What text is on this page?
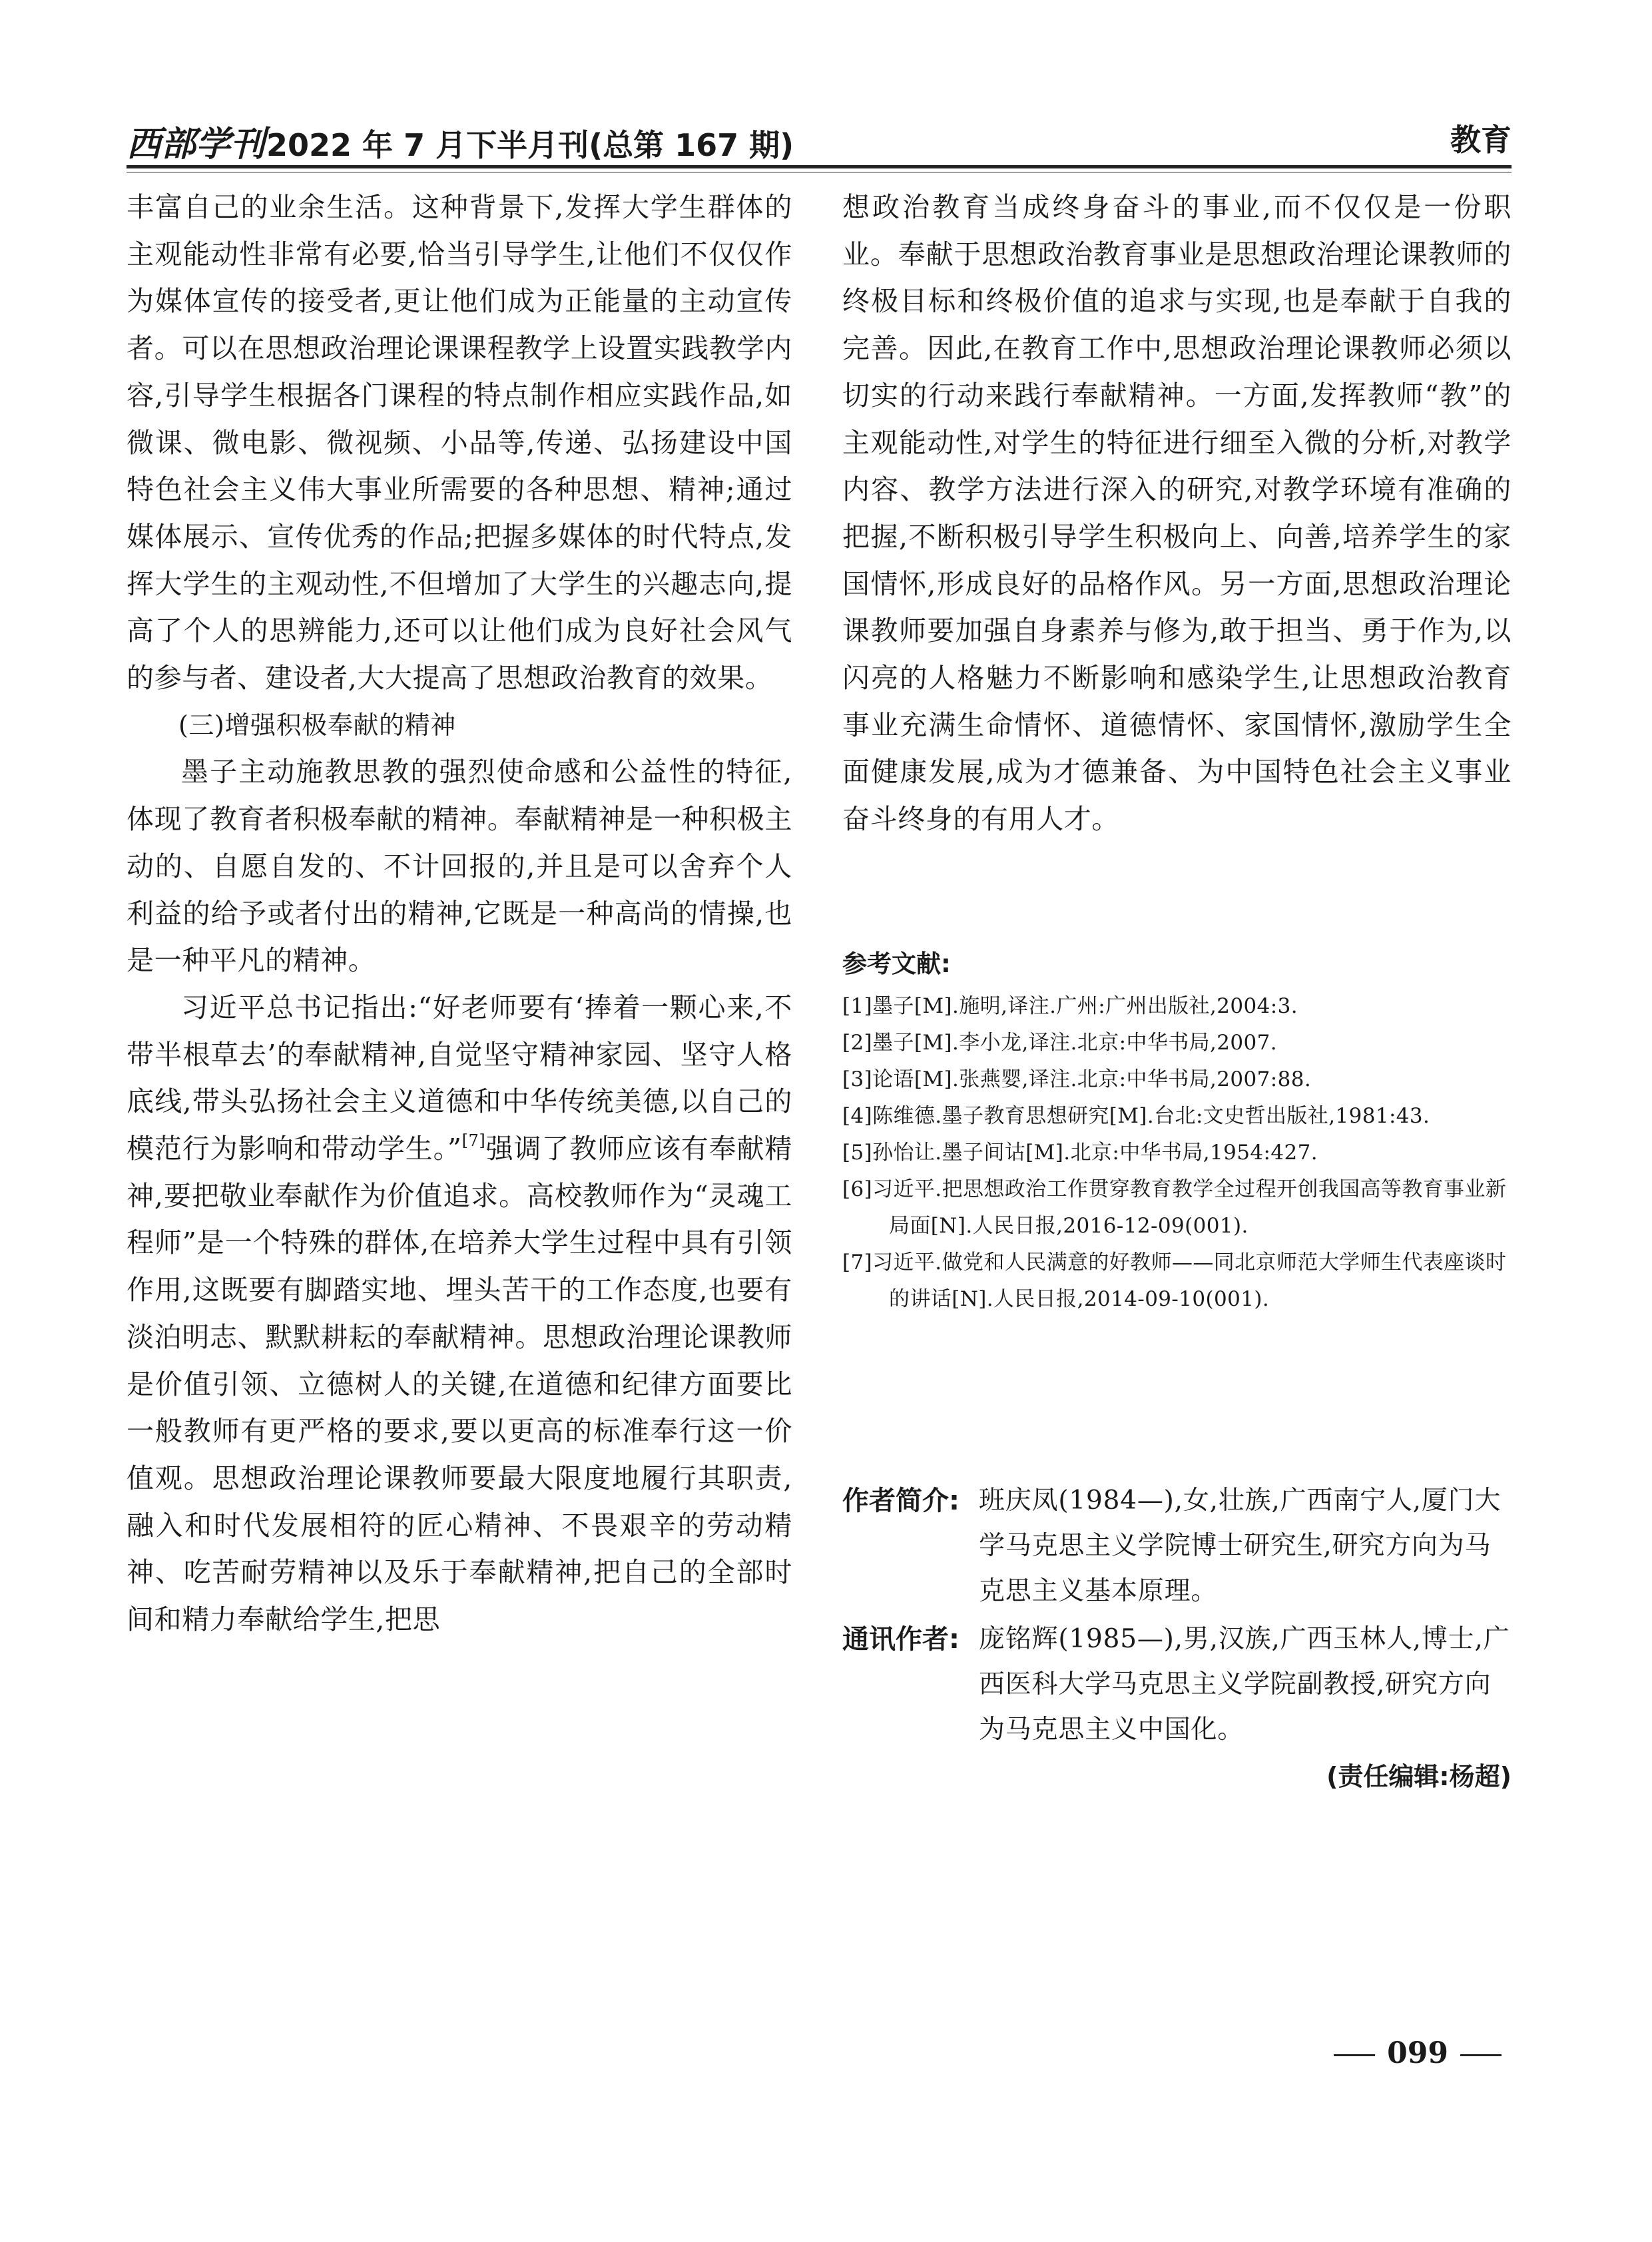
西部学刊2022 年 7 月下半月刊(总第 167 期)	教育

丰富自己的业余生活。这种背景下,发挥大学生群体的主观能动性非常有必要,恰当引导学生,让他们不仅仅作为媒体宣传的接受者,更让他们成为正能量的主动宣传者。可以在思想政治理论课课程教学上设置实践教学内容,引导学生根据各门课程的特点制作相应实践作品,如微课、微电影、微视频、小品等,传递、弘扬建设中国特色社会主义伟大事业所需要的各种思想、精神;通过媒体展示、宣传优秀的作品;把握多媒体的时代特点,发挥大学生的主观动性,不但增加了大学生的兴趣志向,提高了个人的思辨能力,还可以让他们成为良好社会风气的参与者、建设者,大大提高了思想政治教育的效果。

(三)增强积极奉献的精神

墨子主动施教思教的强烈使命感和公益性的特征,体现了教育者积极奉献的精神。奉献精神是一种积极主动的、自愿自发的、不计回报的,并且是可以舍弃个人利益的给予或者付出的精神,它既是一种高尚的情操,也是一种平凡的精神。

习近平总书记指出:“好老师要有‘捧着一颗心来,不带半根草去’的奉献精神,自觉坚守精神家园、坚守人格底线,带头弘扬社会主义道德和中华传统美德,以自己的模范行为影响和带动学生。”[7]强调了教师应该有奉献精神,要把敬业奉献作为价值追求。高校教师作为“灵魂工程师”是一个特殊的群体,在培养大学生过程中具有引领作用,这既要有脚踏实地、埋头苦干的工作态度,也要有淡泊明志、默默耕耘的奉献精神。思想政治理论课教师是价值引领、立德树人的关键,在道德和纪律方面要比一般教师有更严格的要求,要以更高的标准奉行这一价值观。思想政治理论课教师要最大限度地履行其职责,融入和时代发展相符的匠心精神、不畏艰辛的劳动精神、吃苦耐劳精神以及乐于奉献精神,把自己的全部时间和精力奉献给学生,把思

想政治教育当成终身奋斗的事业,而不仅仅是一份职业。奉献于思想政治教育事业是思想政治理论课教师的终极目标和终极价值的追求与实现,也是奉献于自我的完善。因此,在教育工作中,思想政治理论课教师必须以切实的行动来践行奉献精神。一方面,发挥教师“教”的主观能动性,对学生的特征进行细至入微的分析,对教学内容、教学方法进行深入的研究,对教学环境有准确的把握,不断积极引导学生积极向上、向善,培养学生的家国情怀,形成良好的品格作风。另一方面,思想政治理论课教师要加强自身素养与修为,敢于担当、勇于作为,以闪亮的人格魅力不断影响和感染学生,让思想政治教育事业充满生命情怀、道德情怀、家国情怀,激励学生全面健康发展,成为才德兼备、为中国特色社会主义事业奋斗终身的有用人才。

参考文献:

[1]墨子[M].施明,译注.广州:广州出版社,2004:3.

[2]墨子[M].李小龙,译注.北京:中华书局,2007.

[3]论语[M].张燕婴,译注.北京:中华书局,2007:88.

[4]陈维德.墨子教育思想研究[M].台北:文史哲出版社,1981:43.

[5]孙怡让.墨子间诂[M].北京:中华书局,1954:427.

[6]习近平.把思想政治工作贯穿教育教学全过程开创我国高等教育事业新局面[N].人民日报,2016-12-09(001).

[7]习近平.做党和人民满意的好教师——同北京师范大学师生代表座谈时的讲话[N].人民日报,2014-09-10(001).

作者简介: 班庆凤(1984—),女,壮族,广西南宁人,厦门大学马克思主义学院博士研究生,研究方向为马克思主义基本原理。

通讯作者: 庞铭辉(1985—),男,汉族,广西玉林人,博士,广西医科大学马克思主义学院副教授,研究方向为马克思主义中国化。

(责任编辑:杨超)
099
